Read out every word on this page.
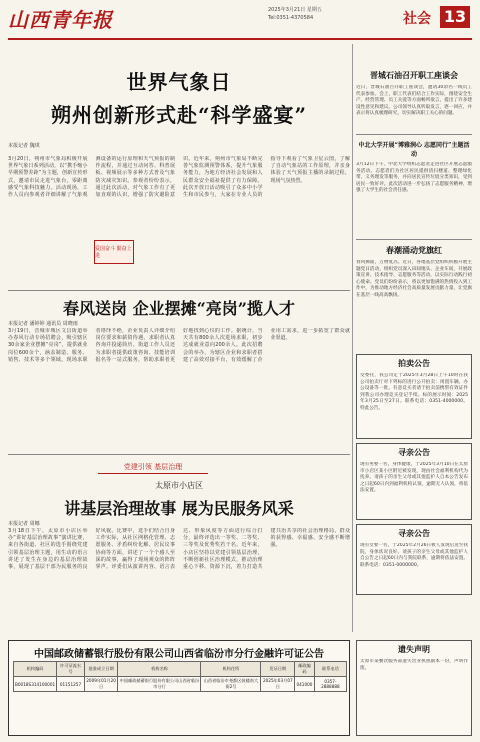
山西青年报	2025年3月21日 星期五
Tel:0351-4370584	社会 13
世界气象日
朔州创新形式赴“科学盛宴”
本报记者 魏琪
3月20日，朔州市气象局积极开展世界气象日系列活动，以“携手缩小早期预警差距”为主题，创新宣传形式，邀请市民走进气象台，零距离感受气象科技魅力。活动现场，工作人员向参观者详细讲解了气象观测设备的运行原理和天气预报的制作流程，并通过互动问答、科普展板、视频展示等多种方式普及气象防灾减灾知识。参观者纷纷表示，通过此次活动，对气象工作有了更加直观的认识，增强了防灾避险意识。近年来，朔州市气象局不断完善气象监测预警体系，提升气象服务能力，为地方经济社会发展和人民群众安全福祉提供了有力保障。此次开放日活动吸引了众多中小学生和市民参与，大家在专业人员的指导下观看了气象卫星云图，了解了自动气象站的工作原理，并亲身体验了天气预报主播的录制过程，现场气氛热烈。
爱国奋斗 勤奋上进
春风送岗 企业摆摊“亮岗”揽人才
本报记者 潘婷婷 通讯员 周晓雨
3月19日，晋城市城区文昌街道举办春风行动专场招聘会，吸引辖区30余家企业摆摊“亮岗”，提供就业岗位600余个，涵盖制造、服务、销售、技术等多个领域。现场求职者络绎不绝，企业负责人详细介绍岗位要求和薪资待遇，求职者认真咨询并投递简历。街道工作人员还为求职者提供政策咨询、技能培训报名等一站式服务，帮助求职者更好地找到心仪的工作。据统计，当天共有800余人次进场求职，初步达成就业意向200余人。此次招聘会的举办，为辖区企业和求职者搭建了高效对接平台，有效缓解了企业用工需求，进一步拓宽了群众就业渠道。
党建引领 基层治理
太原市小店区
讲基层治理故事 展为民服务风采
本报记者 周娜
3月18日下午，太原市小店区举办“讲好基层治理故事”演讲比赛，来自各街道、社区的选手围绕党建引领基层治理主题，用生动的语言讲述了发生在身边的基层治理故事，展现了基层干部为民服务的良好风貌。比赛中，选手们结合自身工作实际，从社区网格化管理、志愿服务、矛盾纠纷化解、居民议事协商等方面，讲述了一个个感人至深的故事，赢得了现场观众的阵阵掌声。评委们从演讲内容、语言表达、形象风度等方面进行综合打分，最终评选出一等奖、二等奖、三等奖及优秀奖若干名。近年来，小店区坚持以党建引领基层治理，不断创新社区治理模式，推动治理重心下移、资源下沉，着力打造共建共治共享的社会治理格局，群众的获得感、幸福感、安全感不断增强。
晋城石油召开职工座谈会
近日，晋城石油召开职工座谈会，邀请30余名一线员工代表参加。会上，职工代表们结合工作实际，围绕安全生产、经营管理、员工关爱等方面畅所欲言，提出了许多建设性意见和建议。公司领导认真听取发言，逐一回应，并表示将认真梳理研究，切实解决职工关心的问题。
中北大学开展“博雅润心 志愿同行”主题活动
3月12日下午，中北大学组织志愿者走进社区开展志愿服务活动。志愿者们为社区居民提供清扫楼道、整理绿化带、义务理发等服务，并向居民宣传垃圾分类知识，受到居民一致好评。此次活动进一步弘扬了志愿服务精神，增强了大学生的社会责任感。
春潮涌动党旗红
春风拂面，万物复苏。近日，各地基层党组织积极开展主题党日活动，组织党员深入田间地头、企业车间，开展政策宣讲、技术指导、志愿服务等活动，以实际行动践行初心使命。党员们纷纷表示，将以更加饱满的热情投入到工作中，为推动地方经济社会高质量发展贡献力量，让党旗在基层一线高高飘扬。
拍卖公告
受委托，我公司定于2025年3月28日上午10时在我公司拍卖厅对下列标的进行公开拍卖：闲置车辆、办公设备等一批。有意竞买者请于拍卖前携带有效证件到我公司办理竞买登记手续。标的展示时间：2025年3月25日至27日。联系电话：0351-4000000。特此公告。
寻亲公告
现有男婴一名，身体健康，于2025年3月10日在太原市小店区某小区附近被发现，现由社会福利机构代为抚养。请孩子的亲生父母或其他监护人自本公告发布之日起60日内到福利机构认领，逾期无人认领，将依法安置。
寻亲公告
现有女婴一名，于2025年2月26日被人发现后送至我院，身体状况良好。请孩子的亲生父母或其他监护人自公告之日起60日内与我院联系，逾期将依法安置。联系电话：0351-0000000。
中国邮政储蓄银行股份有限公司山西省临汾市分行金融许可证公告
机构编码	许可证流水号	批准成立日期	机构名称	机构住所	发证日期	邮政编码	联系电话
B0018S314100001	01151257	2009年01月20日	中国邮政储蓄银行股份有限公司山西省临汾市分行	山西省临汾市尧都区鼓楼南大街2号	2025年03月07日	041000	0357-2888888
遗失声明
太原市某餐饮服务部遗失营业执照副本一份，声明作废。
